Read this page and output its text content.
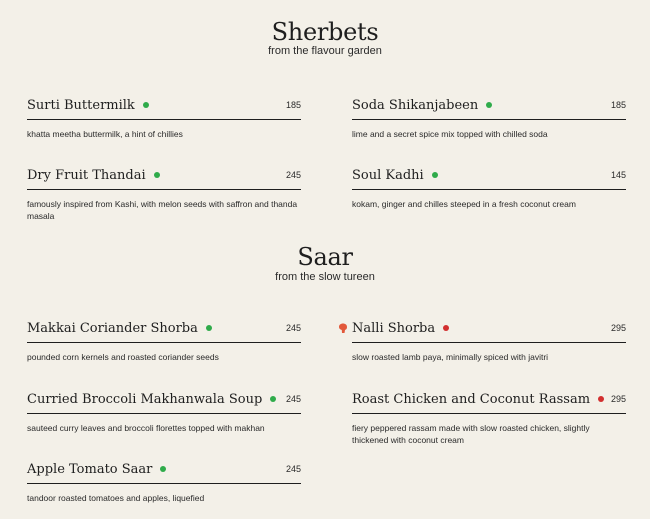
Sherbets
from the flavour garden
Surti Buttermilk	185
khatta meetha buttermilk, a hint of chillies
Soda Shikanjabeen	185
lime and a secret spice mix topped with chilled soda
Dry Fruit Thandai	245
famously inspired from Kashi, with melon seeds with saffron and thanda masala
Soul Kadhi	145
kokam, ginger and chilles steeped in a fresh coconut cream
Saar
from the slow tureen
Makkai Coriander Shorba	245
pounded corn kernels and roasted coriander seeds
Nalli Shorba	295
slow roasted lamb paya, minimally spiced with javitri
Curried Broccoli Makhanwala Soup	245
sauteed curry leaves and broccoli florettes topped with makhan
Roast Chicken and Coconut Rassam 295
fiery peppered rassam made with slow roasted chicken, slightly thickened with coconut cream
Apple Tomato Saar	245
tandoor roasted tomatoes and apples, liquefied
